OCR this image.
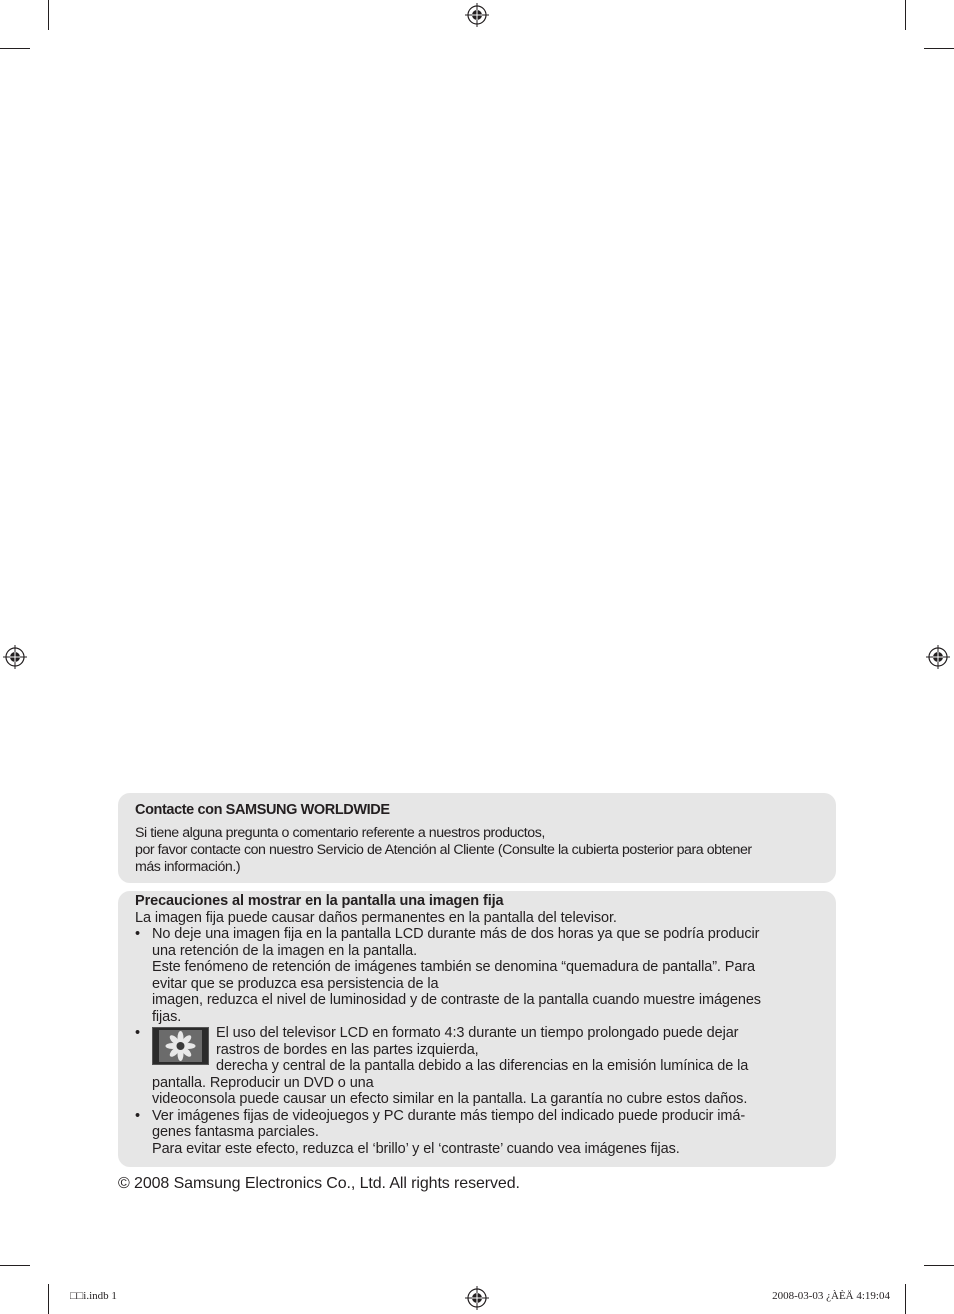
Contacte con SAMSUNG WORLDWIDE

Si tiene alguna pregunta o comentario referente a nuestros productos,
por favor contacte con nuestro Servicio de Atención al Cliente (Consulte la cubierta posterior para obtener
más información.)

Precauciones al mostrar en la pantalla una imagen fija

La imagen fija puede causar daños permanentes en la pantalla del televisor.

• No deje una imagen fija en la pantalla LCD durante más de dos horas ya que se podría producir
una retención de la imagen en la pantalla.
Este fenómeno de retención de imágenes también se denomina “quemadura de pantalla”. Para
evitar que se produzca esa persistencia de la
imagen, reduzca el nivel de luminosidad y de contraste de la pantalla cuando muestre imágenes
fijas.
•	El uso del televisor LCD en formato 4:3 durante un tiempo prolongado puede dejar
rastros de bordes en las partes izquierda,
derecha y central de la pantalla debido a las diferencias en la emisión lumínica de la
pantalla. Reproducir un DVD o una
videoconsola puede causar un efecto similar en la pantalla. La garantía no cubre estos daños.
• Ver imágenes fijas de videojuegos y PC durante más tiempo del indicado puede producir imá-
genes fantasma parciales.
Para evitar este efecto, reduzca el ‘brillo’ y el ‘contraste’ cuando vea imágenes fijas.
© 2008 Samsung Electronics Co., Ltd. All rights reserved.
□□i.indb 1	2008-03-03 ¿ÀÈÄ 4:19:04
